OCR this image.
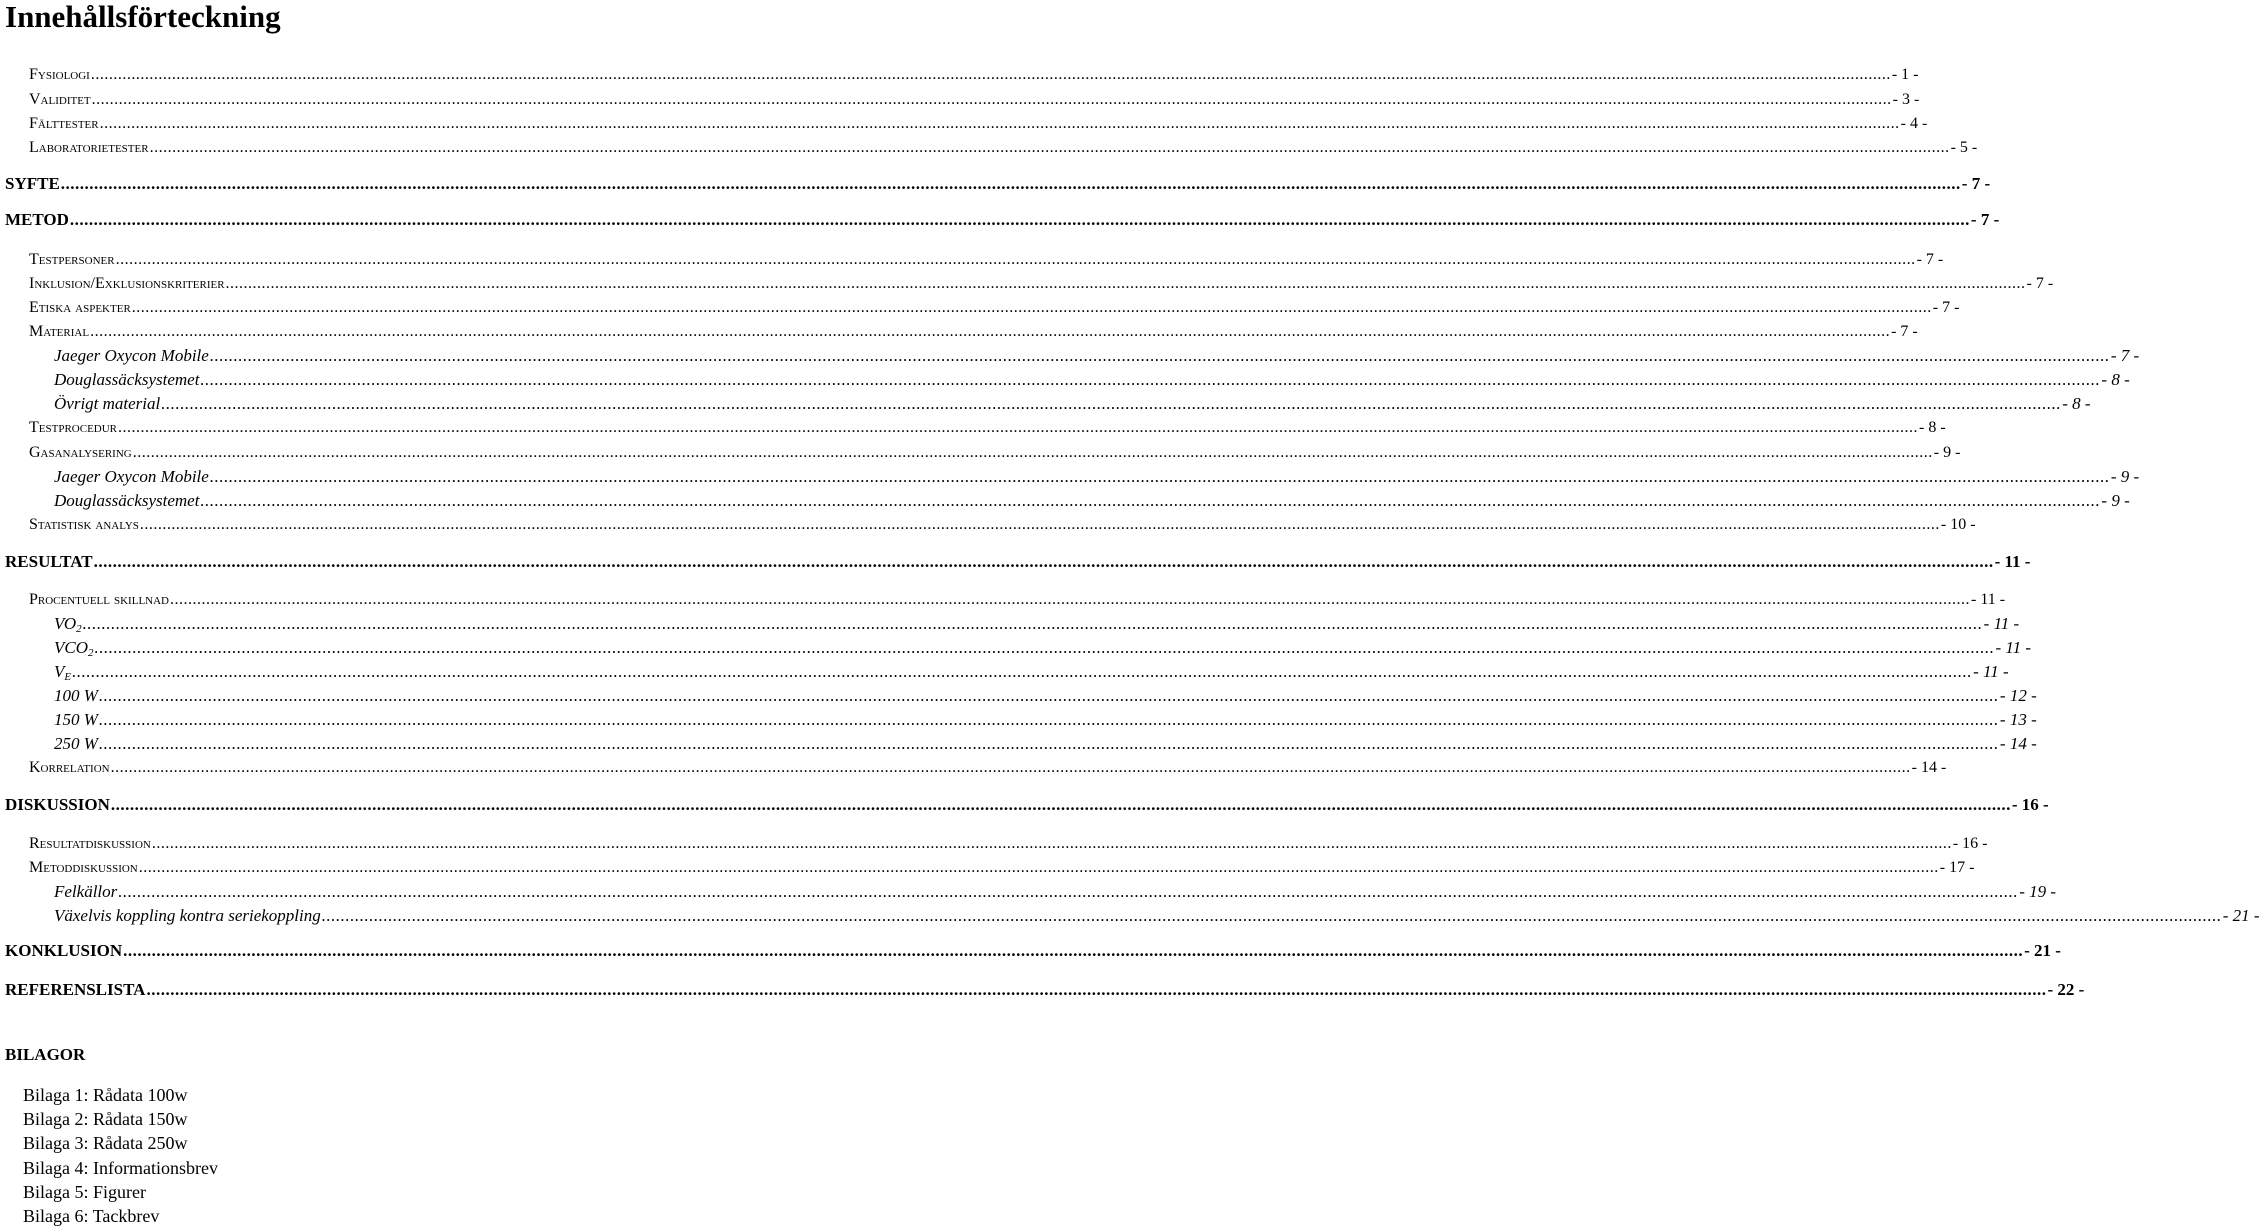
Innehållsförteckning
Fysiologi ................................................................................................................................................................................................................................................................................................................................................................................................................ - 1 -
Validitet ................................................................................................................................................................................................................................................................................................................................................................................................................ - 3 -
Fälttester ................................................................................................................................................................................................................................................................................................................................................................................................................ - 4 -
Laboratorietester ................................................................................................................................................................................................................................................................................................................................................................................................................ - 5 -
SYFTE ................................................................................................................................................................................................................................................................................................................................................................................................................ - 7 -
METOD ................................................................................................................................................................................................................................................................................................................................................................................................................ - 7 -
Testpersoner ................................................................................................................................................................................................................................................................................................................................................................................................................ - 7 -
Inklusion/Exklusionskriterier ................................................................................................................................................................................................................................................................................................................................................................................................................ - 7 -
Etiska aspekter ................................................................................................................................................................................................................................................................................................................................................................................................................ - 7 -
Material ................................................................................................................................................................................................................................................................................................................................................................................................................ - 7 -
Jaeger Oxycon Mobile ................................................................................................................................................................................................................................................................................................................................................................................................................ - 7 -
Douglassäcksystemet ................................................................................................................................................................................................................................................................................................................................................................................................................ - 8 -
Övrigt material ................................................................................................................................................................................................................................................................................................................................................................................................................ - 8 -
Testprocedur ................................................................................................................................................................................................................................................................................................................................................................................................................ - 8 -
Gasanalysering ................................................................................................................................................................................................................................................................................................................................................................................................................ - 9 -
Jaeger Oxycon Mobile ................................................................................................................................................................................................................................................................................................................................................................................................................ - 9 -
Douglassäcksystemet ................................................................................................................................................................................................................................................................................................................................................................................................................ - 9 -
Statistisk analys ................................................................................................................................................................................................................................................................................................................................................................................................................ - 10 -
RESULTAT ................................................................................................................................................................................................................................................................................................................................................................................................................ - 11 -
Procentuell skillnad ................................................................................................................................................................................................................................................................................................................................................................................................................ - 11 -
$VO_2$ ................................................................................................................................................................................................................................................................................................................................................................................................................ - 11 -
$VCO_2$ ................................................................................................................................................................................................................................................................................................................................................................................................................ - 11 -
$V_E$ ................................................................................................................................................................................................................................................................................................................................................................................................................ - 11 -
100 W ................................................................................................................................................................................................................................................................................................................................................................................................................ - 12 -
150 W ................................................................................................................................................................................................................................................................................................................................................................................................................ - 13 -
250 W ................................................................................................................................................................................................................................................................................................................................................................................................................ - 14 -
Korrelation ................................................................................................................................................................................................................................................................................................................................................................................................................ - 14 -
DISKUSSION ................................................................................................................................................................................................................................................................................................................................................................................................................ - 16 -
Resultatdiskussion ................................................................................................................................................................................................................................................................................................................................................................................................................ - 16 -
Metoddiskussion ................................................................................................................................................................................................................................................................................................................................................................................................................ - 17 -
Felkällor ................................................................................................................................................................................................................................................................................................................................................................................................................ - 19 -
Växelvis koppling kontra seriekoppling ................................................................................................................................................................................................................................................................................................................................................................................................................ - 21 -
KONKLUSION ................................................................................................................................................................................................................................................................................................................................................................................................................ - 21 -
REFERENSLISTA ................................................................................................................................................................................................................................................................................................................................................................................................................ - 22 -
BILAGOR
Bilaga 1: Rådata 100w
Bilaga 2: Rådata 150w
Bilaga 3: Rådata 250w
Bilaga 4: Informationsbrev
Bilaga 5: Figurer
Bilaga 6: Tackbrev
